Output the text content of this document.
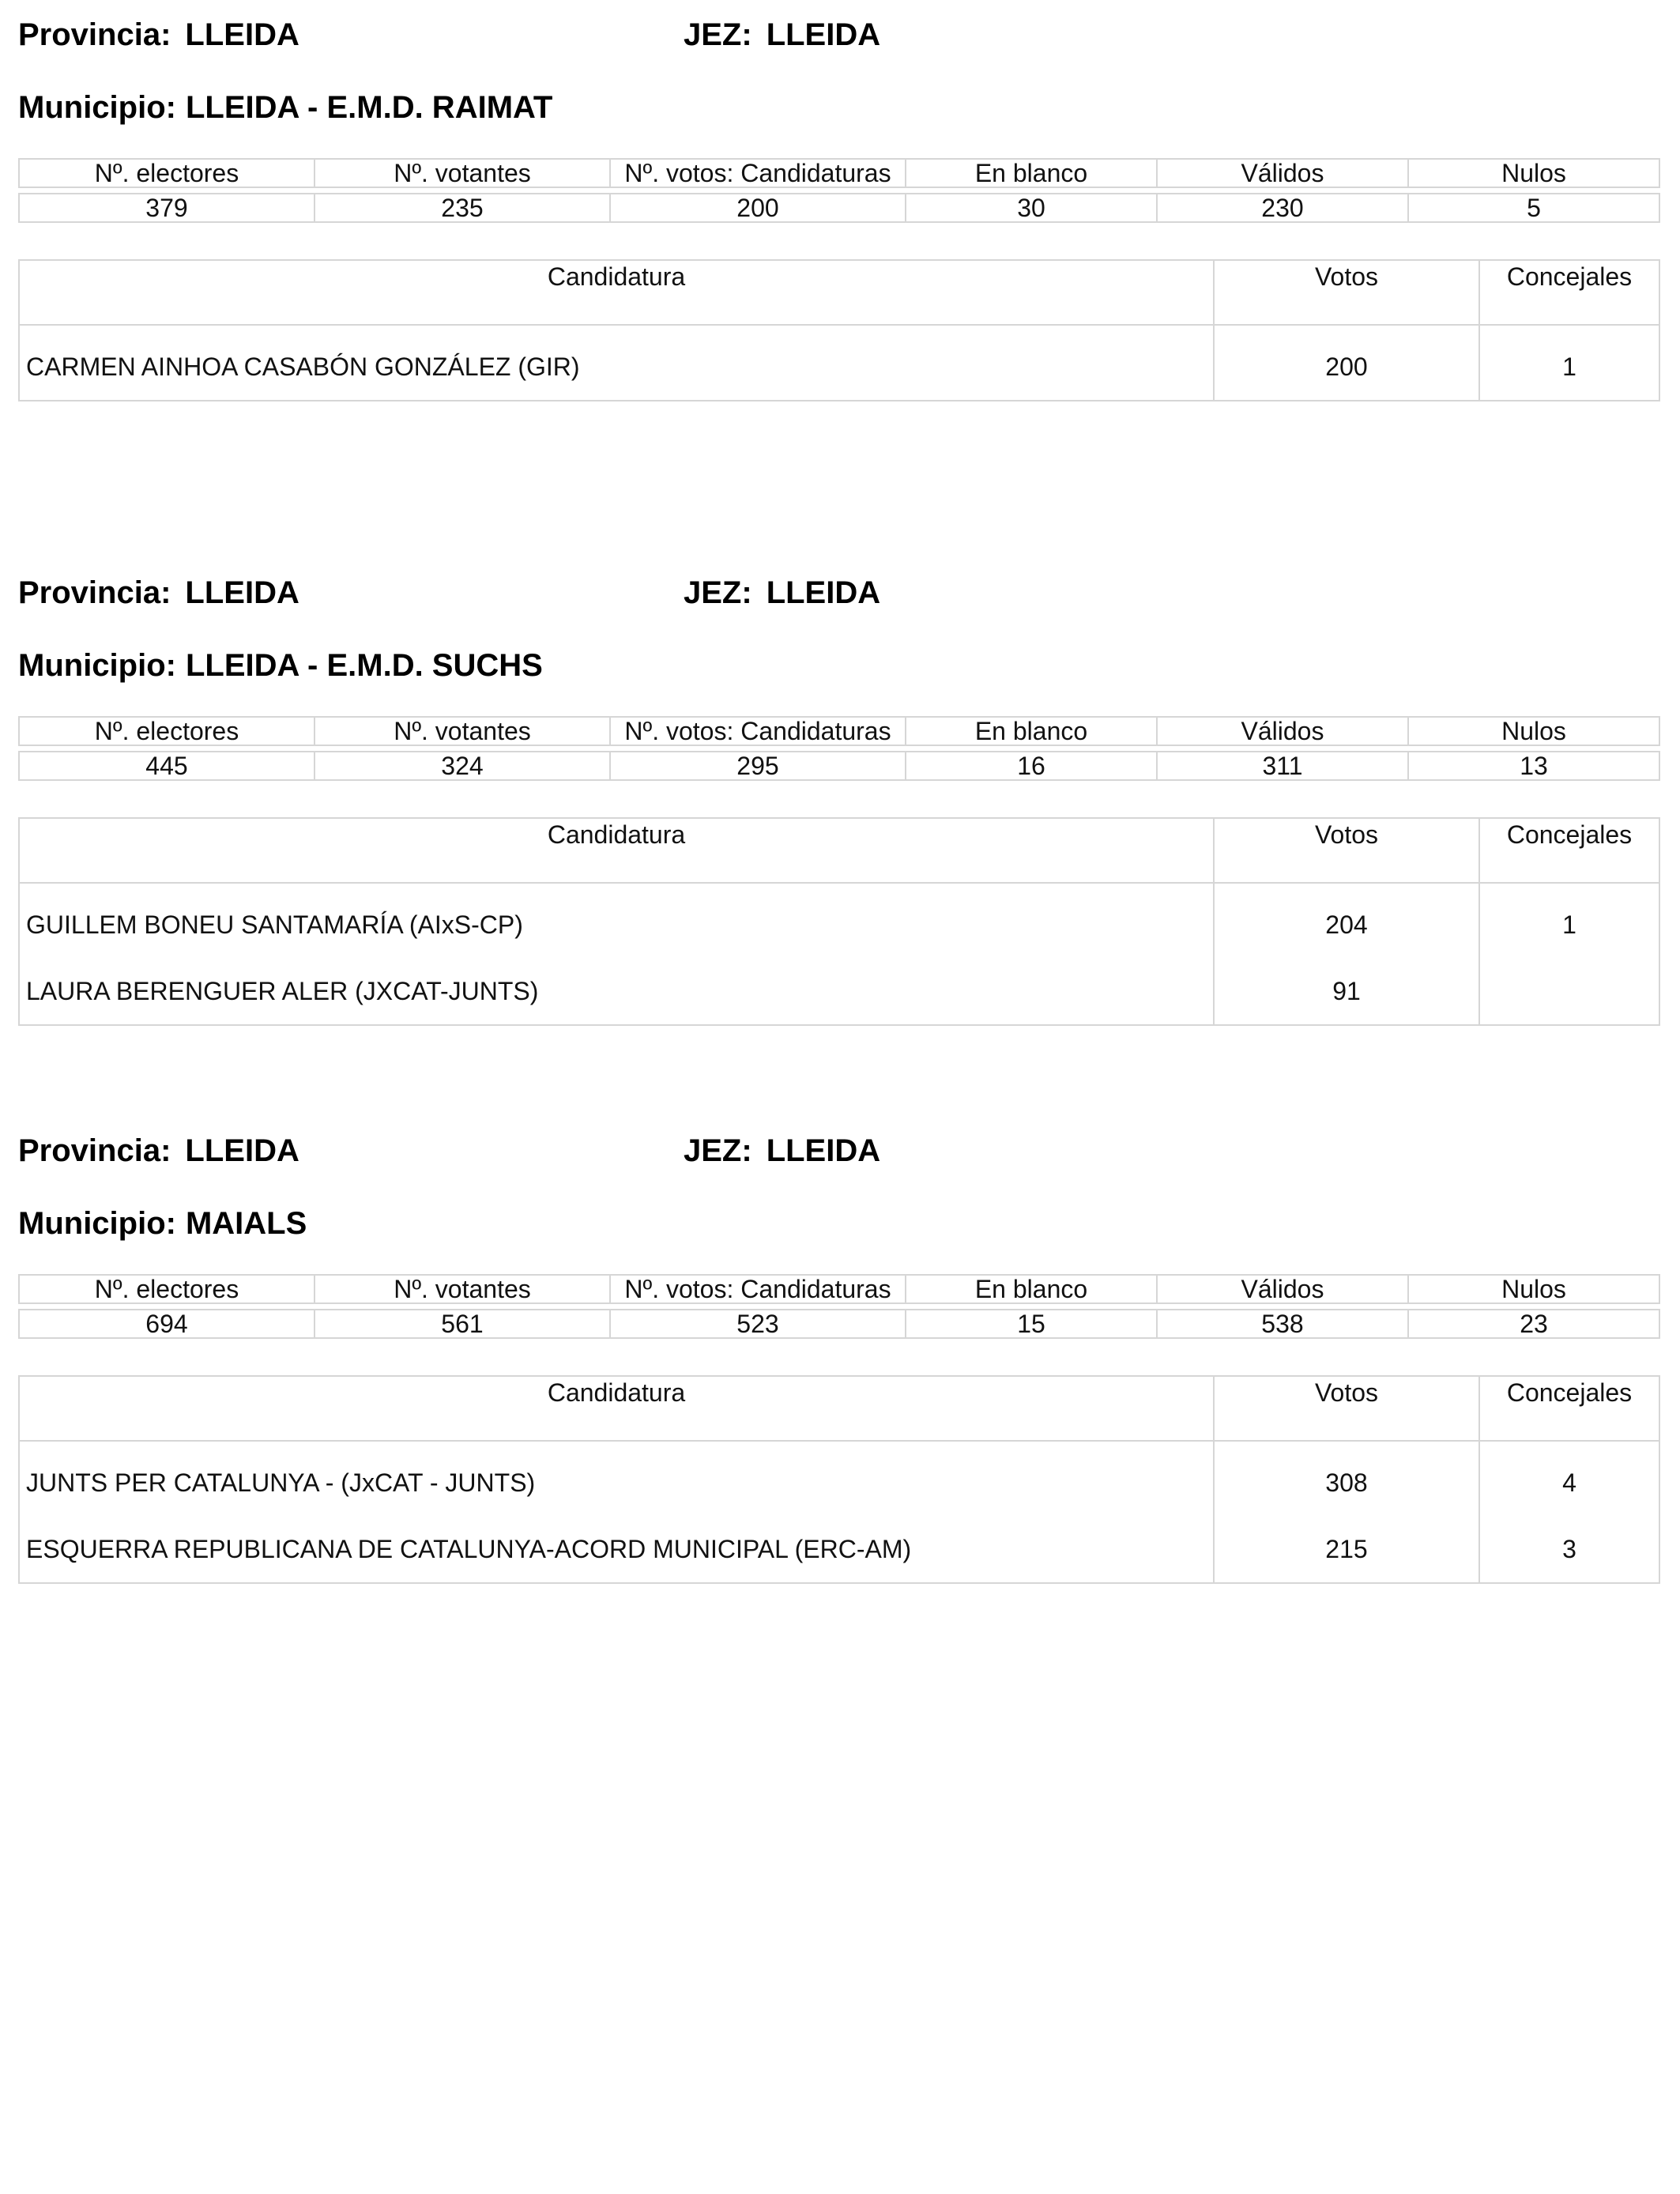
Provincia: LLEIDA	JEZ: LLEIDA
Municipio: LLEIDA - E.M.D. RAIMAT
Nº. electores	Nº. votantes	Nº. votos: Candidaturas	En blanco	Válidos	Nulos

379	235	200	30	230	5
Candidatura	Votos	Concejales
CARMEN AINHOA CASABÓN GONZÁLEZ (GIR)	200	1
Provincia: LLEIDA	JEZ: LLEIDA
Municipio: LLEIDA - E.M.D. SUCHS
Nº. electores	Nº. votantes	Nº. votos: Candidaturas	En blanco	Válidos	Nulos

445	324	295	16	311	13
Candidatura	Votos	Concejales
GUILLEM BONEU SANTAMARÍA (AIxS-CP)	204	1
LAURA BERENGUER ALER (JXCAT-JUNTS)	91	
Provincia: LLEIDA	JEZ: LLEIDA
Municipio: MAIALS
Nº. electores	Nº. votantes	Nº. votos: Candidaturas	En blanco	Válidos	Nulos

694	561	523	15	538	23
Candidatura	Votos	Concejales
JUNTS PER CATALUNYA - (JxCAT - JUNTS)	308	4
ESQUERRA REPUBLICANA DE CATALUNYA-ACORD MUNICIPAL (ERC-AM)	215	3
